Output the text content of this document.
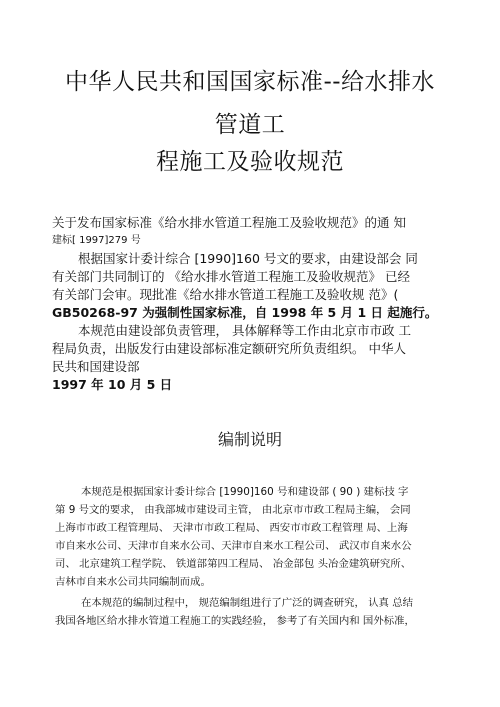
中华人民共和国国家标准--给水排水
管道工
程施工及验收规范
关于发布国家标准《给水排水管道工程施工及验收规范》的通 知
建标[ 1997]279 号
根据国家计委计综合 [1990]160 号文的要求，由建设部会 同
有关部门共同制订的 《给水排水管道工程施工及验收规范》 已经
有关部门会审。现批准《给水排水管道工程施工及验收规 范》(
GB50268-97 为强制性国家标准，自 1998 年 5 月 1 日 起施行。
本规范由建设部负责管理， 具体解释等工作由北京市市政 工
程局负责，出版发行由建设部标准定额研究所负责组织。 中华人
民共和国建设部
1997 年 10 月 5 日
编制说明
本规范是根据国家计委计综合 [1990]160 号和建设部 ( 90 ) 建标技 字
第 9 号文的要求， 由我部城市建设司主管， 由北京市市政工程局主编， 会同
上海市市政工程管理局、 天津市市政工程局、 西安市市政工程管理 局、上海
市自来水公司、天津市自来水公司、天津市自来水工程公司、 武汉市自来水公
司、 北京建筑工程学院、 铁道部第四工程局、 冶金部包 头冶金建筑研究所、
吉林市自来水公司共同编制而成。
在本规范的编制过程中， 规范编制组进行了广泛的调查研究， 认真 总结
我国各地区给水排水管道工程施工的实践经验， 参考了有关国内和 国外标准，
